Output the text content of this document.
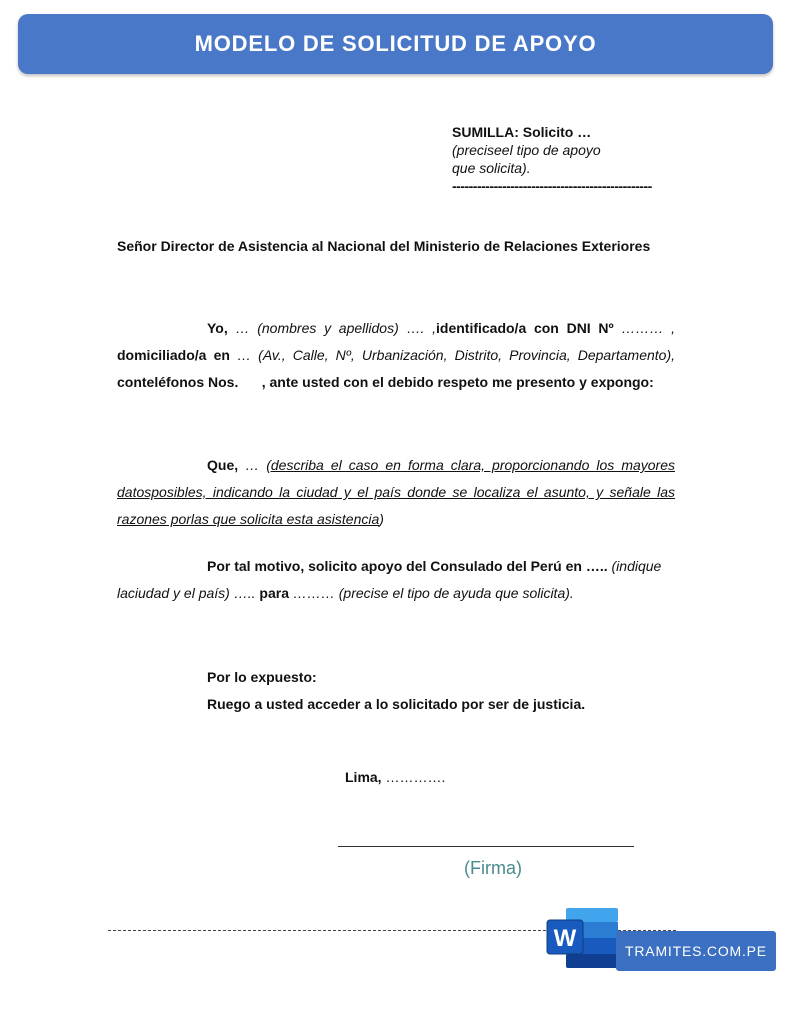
MODELO DE SOLICITUD DE APOYO
SUMILLA: Solicito …
(preciseel tipo de apoyo
que solicita).
------------------------------------------------
Señor Director de Asistencia al Nacional del Ministerio de Relaciones Exteriores
Yo, … (nombres y apellidos) …. ,identificado/a con DNI Nº ……… , domiciliado/a en … (Av., Calle, Nº, Urbanización, Distrito, Provincia, Departamento), conteléfonos Nos. , ante usted con el debido respeto me presento y expongo:
Que, … (describa el caso en forma clara, proporcionando los mayores datosposibles, indicando la ciudad y el país donde se localiza el asunto, y señale las razones porlas que solicita esta asistencia)
Por tal motivo, solicito apoyo del Consulado del Perú en ….. (indique laciudad y el país) ….. para ……… (precise el tipo de ayuda que solicita).
Por lo expuesto:
Ruego a usted acceder a lo solicitado por ser de justicia.
Lima, ………….
(Firma)
W	TRAMITES.COM.PE
